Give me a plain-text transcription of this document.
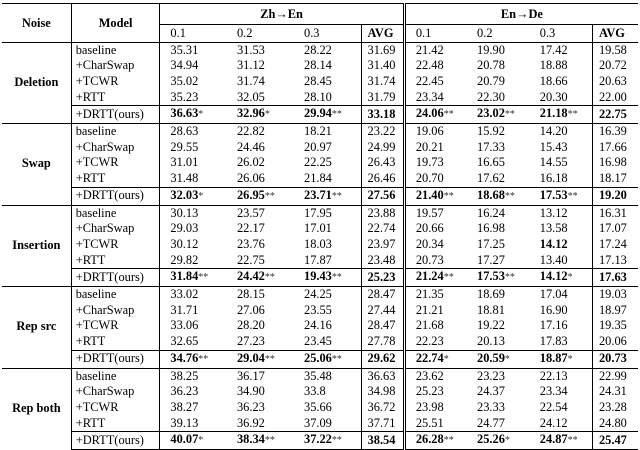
Noise	Model	Zh→En				En→De			
		0.1	0.2	0.3	AVG	0.1	0.2	0.3	AVG
Deletion	baseline	35.31	31.53	28.22	31.69	21.42	19.90	17.42	19.58
	+CharSwap	34.94	31.12	28.14	31.40	22.48	20.78	18.88	20.72
	+TCWR	35.02	31.74	28.45	31.74	22.45	20.79	18.66	20.63
	+RTT	35.23	32.05	28.10	31.79	23.34	22.30	20.30	22.00
	+DRTT(ours)	36.63*	32.96*	29.94**	33.18	24.06**	23.02**	21.18**	22.75
Swap	baseline	28.63	22.82	18.21	23.22	19.06	15.92	14.20	16.39
	+CharSwap	29.55	24.46	20.97	24.99	20.21	17.33	15.43	17.66
	+TCWR	31.01	26.02	22.25	26.43	19.73	16.65	14.55	16.98
	+RTT	31.48	26.06	21.84	26.46	20.70	17.62	16.18	18.17
	+DRTT(ours)	32.03*	26.95**	23.71**	27.56	21.40**	18.68**	17.53**	19.20
Insertion	baseline	30.13	23.57	17.95	23.88	19.57	16.24	13.12	16.31
	+CharSwap	29.03	22.17	17.01	22.74	20.66	16.98	13.58	17.07
	+TCWR	30.12	23.76	18.03	23.97	20.34	17.25	14.12	17.24
	+RTT	29.82	22.75	17.87	23.48	20.73	17.27	13.40	17.13
	+DRTT(ours)	31.84**	24.42**	19.43**	25.23	21.24**	17.53**	14.12*	17.63
Rep src	baseline	33.02	28.15	24.25	28.47	21.35	18.69	17.04	19.03
	+CharSwap	31.71	27.06	23.55	27.44	21.21	18.81	16.90	18.97
	+TCWR	33.06	28.20	24.16	28.47	21.68	19.22	17.16	19.35
	+RTT	32.65	27.23	23.45	27.78	22.23	20.13	17.83	20.06
	+DRTT(ours)	34.76**	29.04**	25.06**	29.62	22.74*	20.59*	18.87*	20.73
Rep both	baseline	38.25	36.17	35.48	36.63	23.62	23.23	22.13	22.99
	+CharSwap	36.23	34.90	33.8	34.98	25.23	24.37	23.34	24.31
	+TCWR	38.27	36.23	35.66	36.72	23.98	23.33	22.54	23.28
	+RTT	39.13	36.92	37.09	37.71	25.51	24.77	24.12	24.80
	+DRTT(ours)	40.07*	38.34**	37.22**	38.54	26.28**	25.26*	24.87**	25.47
